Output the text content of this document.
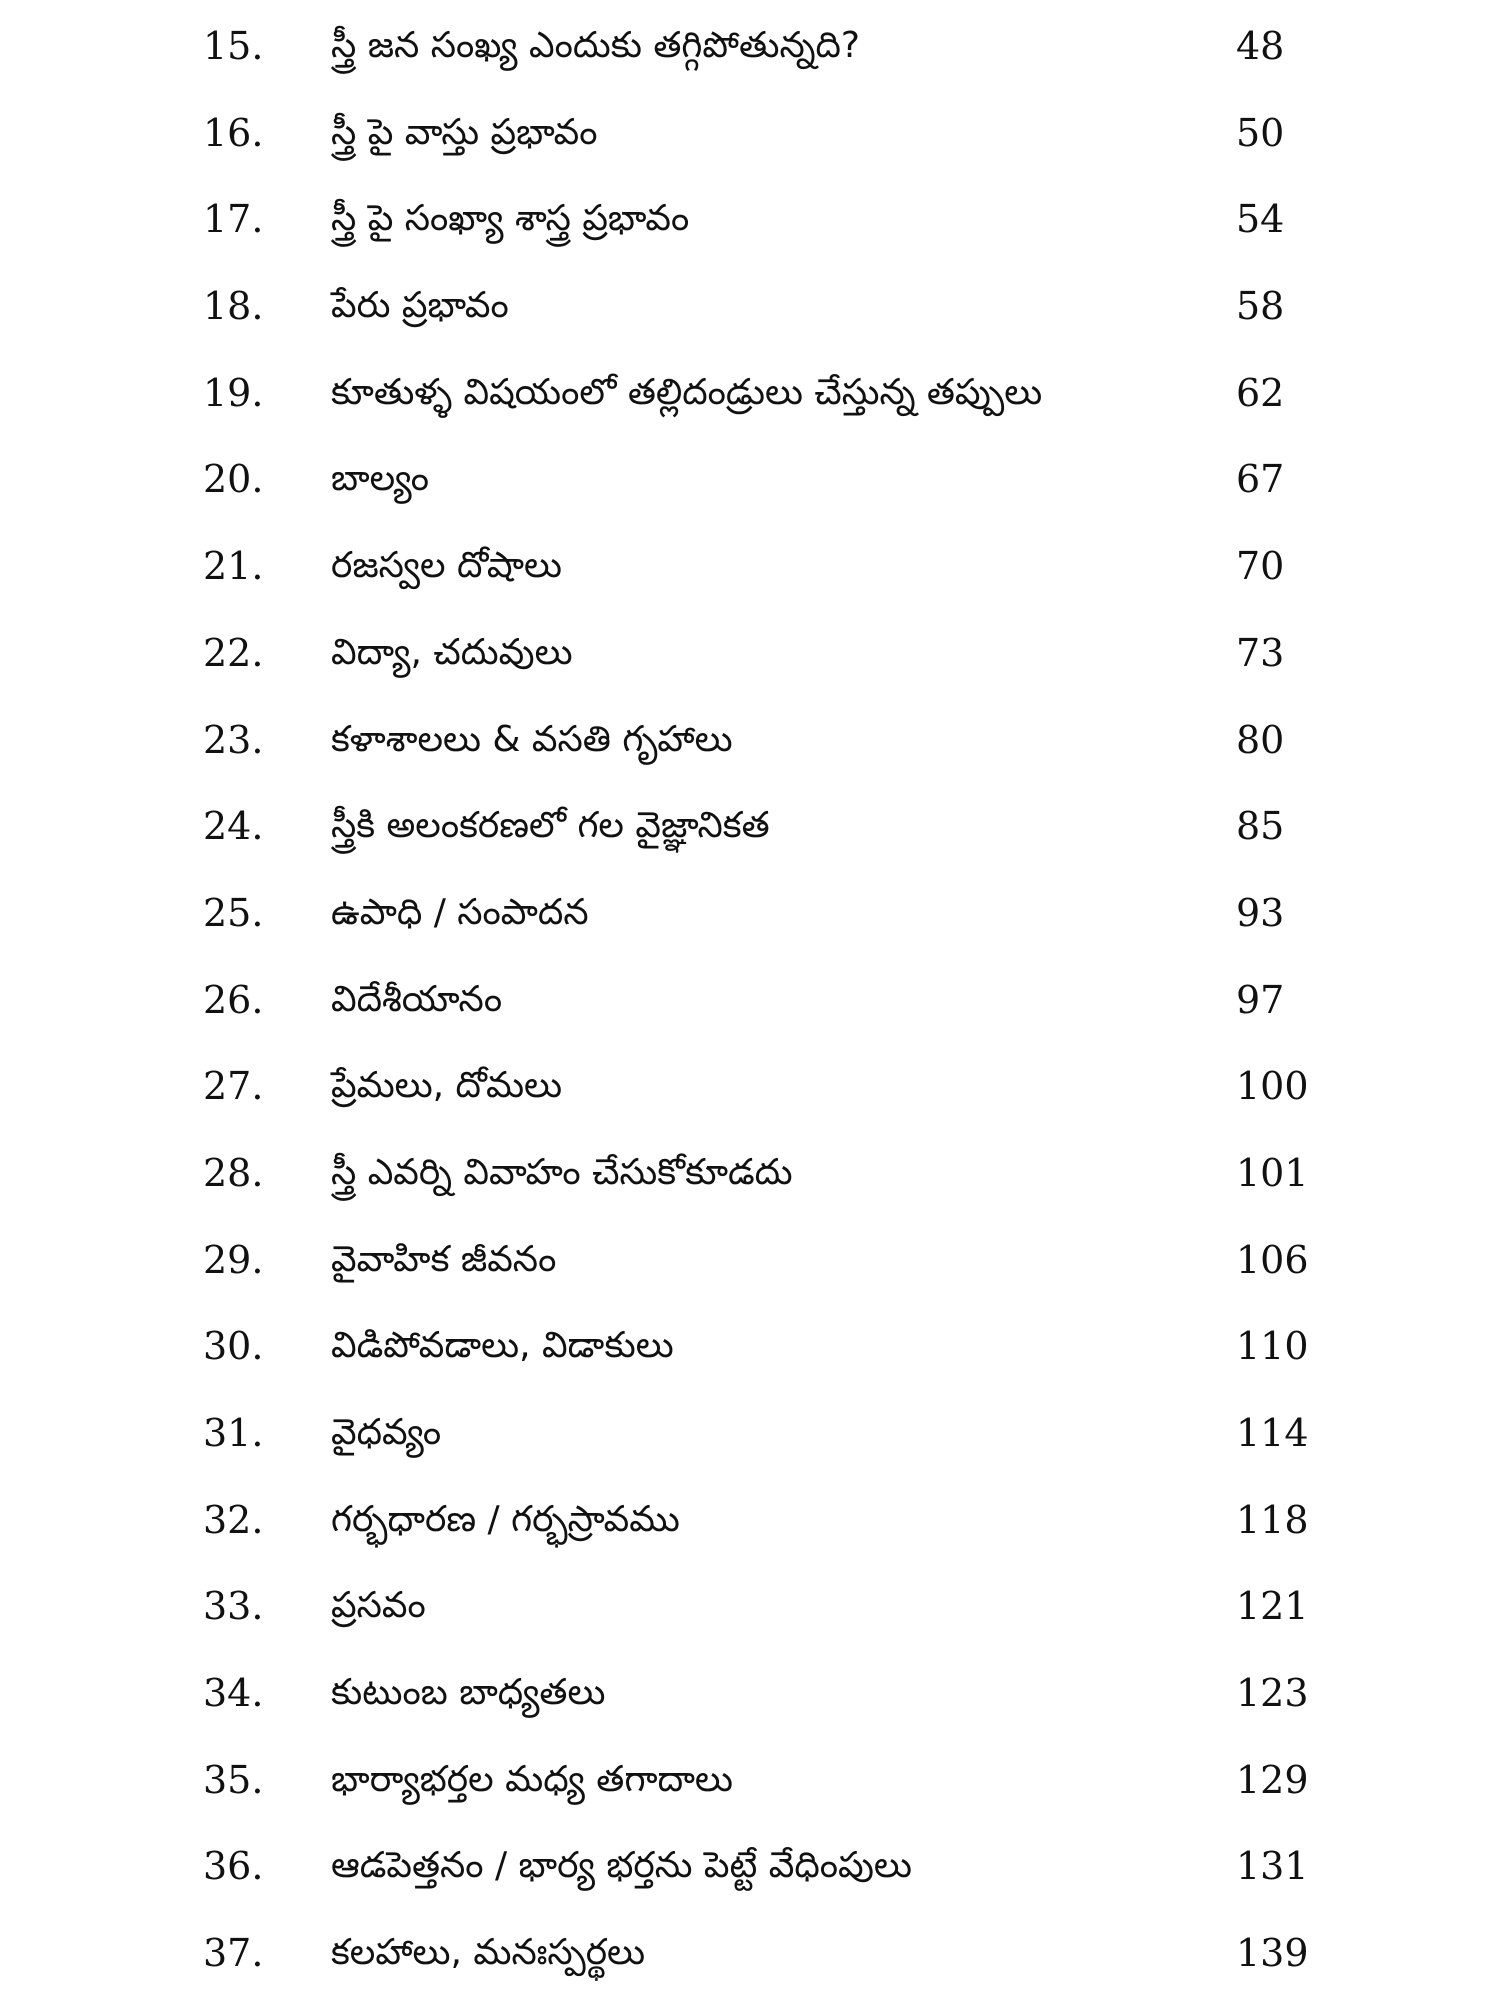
15. స్త్రీ జన సంఖ్య ఎందుకు తగ్గిపోతున్నది?	48
16. స్త్రీ పై వాస్తు ప్రభావం	50
17. స్త్రీ పై సంఖ్యా శాస్త్ర ప్రభావం	54
18. పేరు ప్రభావం	58
19. కూతుళ్ళ విషయంలో తల్లిదండ్రులు చేస్తున్న తప్పులు	62
20. బాల్యం	67
21. రజస్వల దోషాలు	70
22. విద్యా, చదువులు	73
23. కళాశాలలు & వసతి గృహాలు	80
24. స్త్రీకి అలంకరణలో గల వైజ్ఞానికత	85
25. ఉపాధి / సంపాదన	93
26. విదేశీయానం	97
27. ప్రేమలు, దోమలు	100
28. స్త్రీ ఎవర్ని వివాహం చేసుకోకూడదు	101
29. వైవాహిక జీవనం	106
30. విడిపోవడాలు, విడాకులు	110
31. వైధవ్యం	114
32. గర్భధారణ / గర్భస్రావము	118
33. ప్రసవం	121
34. కుటుంబ బాధ్యతలు	123
35. భార్యాభర్తల మధ్య తగాదాలు	129
36. ఆడపెత్తనం / భార్య భర్తను పెట్టే వేధింపులు	131
37. కలహాలు, మనఃస్పర్థలు	139
